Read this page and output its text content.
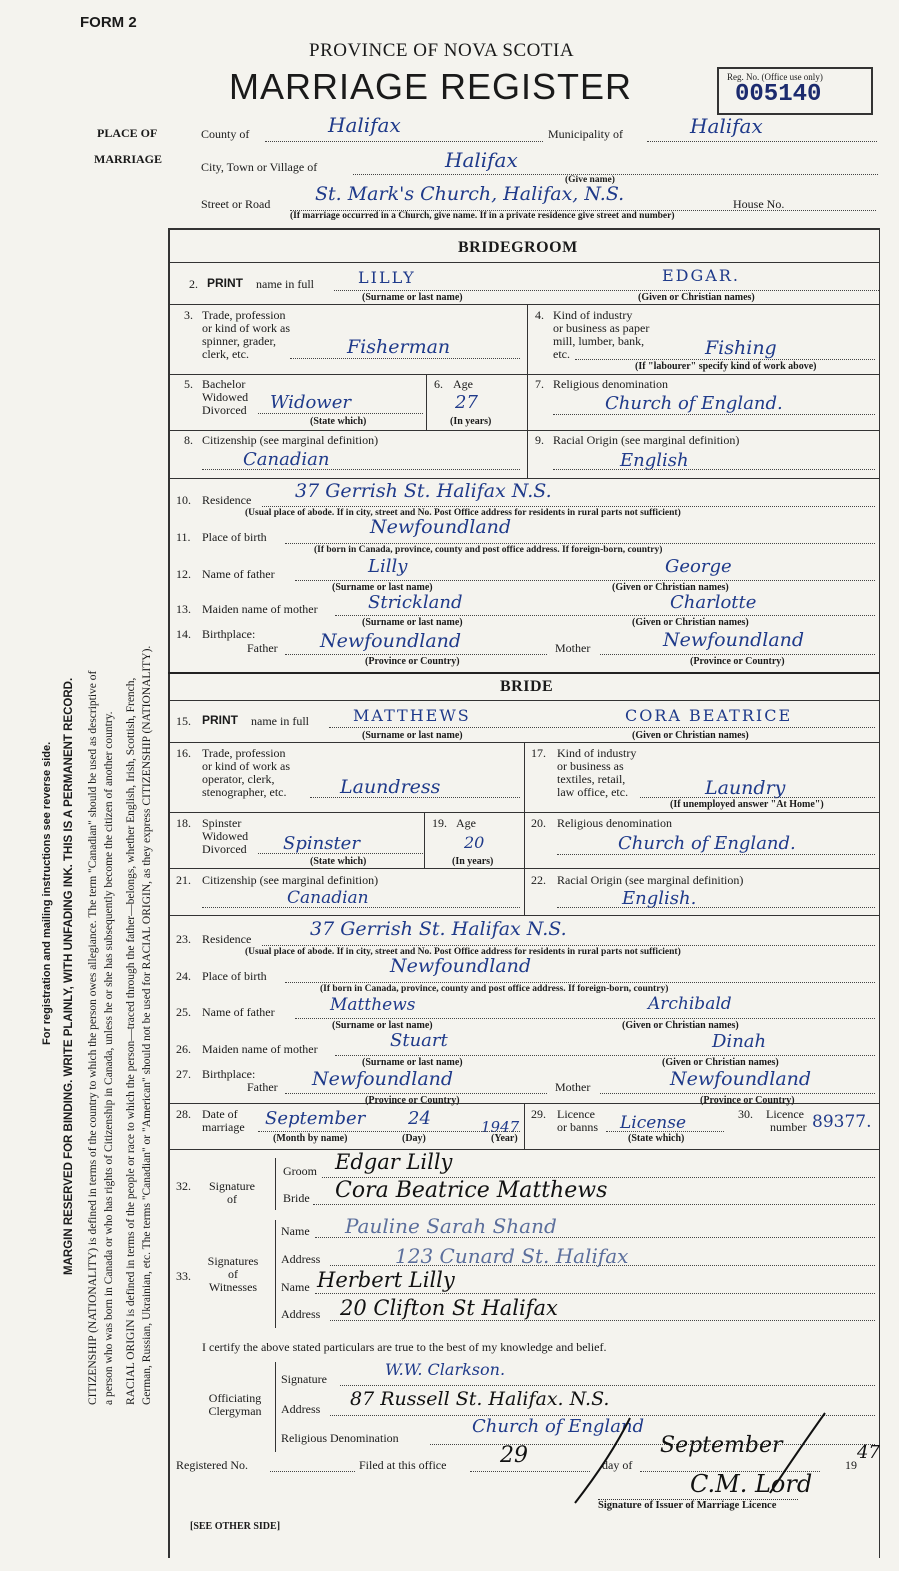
FORM 2
PROVINCE OF NOVA SCOTIA
MARRIAGE REGISTER	Reg. No. (Office use only)
005140
For registration and mailing instructions see reverse side. MARGIN RESERVED FOR BINDING. WRITE PLAINLY, WITH UNFADING INK. THIS IS A PERMANENT RECORD. CITIZENSHIP (NATIONALITY) is defined in terms of the country to which the person owes allegiance. The term "Canadian" should be used as descriptive of a person who was born in Canada or who has rights of Citizenship in Canada, unless he or she has subsequently become the citizen of another country. RACIAL ORIGIN is defined in terms of the people or race to which the person—traced through the father—belongs, whether English, Irish, Scottish, French, German, Russian, Ukrainian, etc. The terms "Canadian" or "American" should not be used for RACIAL ORIGIN, as they express CITIZENSHIP (NATIONALITY).
PLACE OF
MARRIAGE
County of	Halifax	Municipality of	Halifax
City, Town or Village of	Halifax
(Give name)
Street or Road St. Mark's Church, Halifax, N.S.	House No.
(If marriage occurred in a Church, give name. If in a private residence give street and number)
BRIDEGROOM
2. PRINT name in full	LILLY	EDGAR.
(Surname or last name)	(Given or Christian names)
3. Trade, profession
or kind of work as
spinner, grader,
clerk, etc.	Fisherman
4. Kind of industry
or business as paper
mill, lumber, bank,
etc.	Fishing
(If "labourer" specify kind of work above)
5. Bachelor
Widowed
Divorced Widower
(State which)
6. Age
27
(In years)
7. Religious denomination
Church of England.
8. Citizenship (see marginal definition)
Canadian
9. Racial Origin (see marginal definition)
English
10. Residence 37 Gerrish St. Halifax N.S.
(Usual place of abode. If in city, street and No. Post Office address for residents in rural parts not sufficient)
11. Place of birth	Newfoundland
(If born in Canada, province, county and post office address. If foreign-born, country)
12. Name of father	Lilly	George
(Surname or last name)	(Given or Christian names)
13. Maiden name of mother	Strickland	Charlotte
(Surname or last name)	(Given or Christian names)
14. Birthplace:
Father Newfoundland	Mother	Newfoundland
(Province or Country)	(Province or Country)
BRIDE
15. PRINT name in full	MATTHEWS	CORA BEATRICE
(Surname or last name)	(Given or Christian names)
16. Trade, profession
or kind of work as
operator, clerk,
stenographer, etc.	Laundress
17. Kind of industry
or business as
textiles, retail,
law office, etc.	Laundry
(If unemployed answer "At Home")
18. Spinster
Widowed
Divorced Spinster
(State which)
19. Age
20
(In years)
20. Religious denomination
Church of England.
21. Citizenship (see marginal definition)
Canadian
22. Racial Origin (see marginal definition)
English.
23. Residence	37 Gerrish St. Halifax N.S.
(Usual place of abode. If in city, street and No. Post Office address for residents in rural parts not sufficient)
24. Place of birth	Newfoundland
(If born in Canada, province, county and post office address. If foreign-born, country)
25. Name of father	Matthews	Archibald
(Surname or last name)	(Given or Christian names)
26. Maiden name of mother	Stuart	Dinah
(Surname or last name)	(Given or Christian names)
27. Birthplace:
Father Newfoundland	Mother	Newfoundland
(Province or Country)	(Province or Country)
28. Date of
marriage September 24	1947
(Month by name)	(Day)	(Year)
29. Licence
or banns License
(State which)
30. Licence
number 89377.
32.	Signature
of
Groom Edgar Lilly
Bride Cora Beatrice Matthews
33.
Signatures
of
Witnesses
Name Pauline Sarah Shand
Address	123 Cunard St. Halifax
Name Herbert Lilly
Address 20 Clifton St Halifax
I certify the above stated particulars are true to the best of my knowledge and belief.
Officiating
Clergyman
Signature	W.W. Clarkson.
Address 87 Russell St. Halifax. N.S.
Religious Denomination
Church of England
Registered No.	Filed at this office 29	day of
September
19
47
C.M. Lord
Signature of Issuer of Marriage Licence
[SEE OTHER SIDE]
